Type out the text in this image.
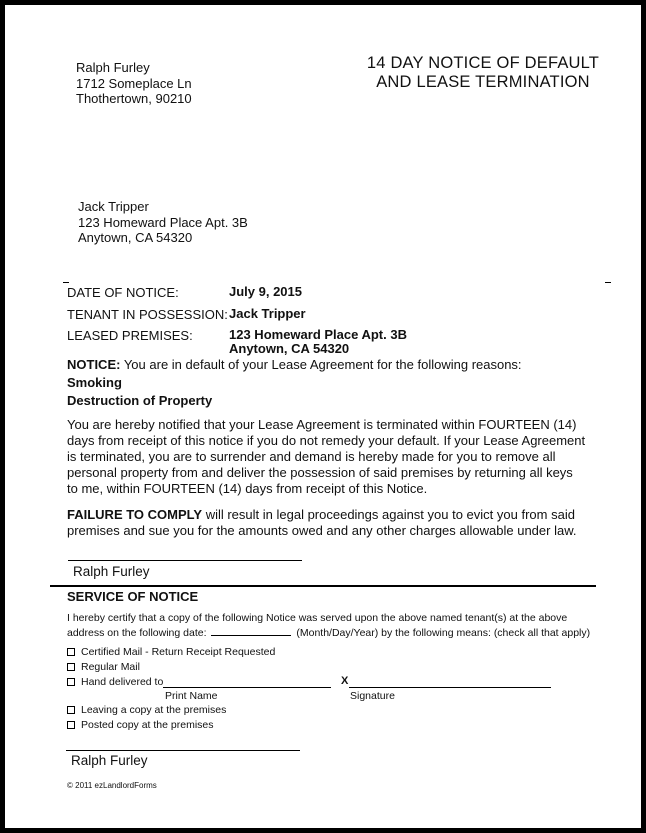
Ralph Furley
1712 Someplace Ln
Thothertown, 90210
14 DAY NOTICE OF DEFAULT
AND LEASE TERMINATION
Jack Tripper
123 Homeward Place Apt. 3B
Anytown, CA 54320
DATE OF NOTICE:	July 9, 2015
TENANT IN POSSESSION: Jack Tripper
LEASED PREMISES:	123 Homeward Place Apt. 3B
Anytown, CA 54320
NOTICE: You are in default of your Lease Agreement for the following reasons:
Smoking
Destruction of Property
You are hereby notified that your Lease Agreement is terminated within FOURTEEN (14) days from receipt of this notice if you do not remedy your default. If your Lease Agreement is terminated, you are to surrender and demand is hereby made for you to remove all personal property from and deliver the possession of said premises by returning all keys to me, within FOURTEEN (14) days from receipt of this Notice.
FAILURE TO COMPLY will result in legal proceedings against you to evict you from said premises and sue you for the amounts owed and any other charges allowable under law.
Ralph Furley
SERVICE OF NOTICE
I hereby certify that a copy of the following Notice was served upon the above named tenant(s) at the above
address on the following date:	(Month/Day/Year) by the following means: (check all that apply)
Certified Mail - Return Receipt Requested
Regular Mail
Hand delivered to	X
Print Name	Signature
Leaving a copy at the premises
Posted copy at the premises
Ralph Furley
© 2011 ezLandlordForms
